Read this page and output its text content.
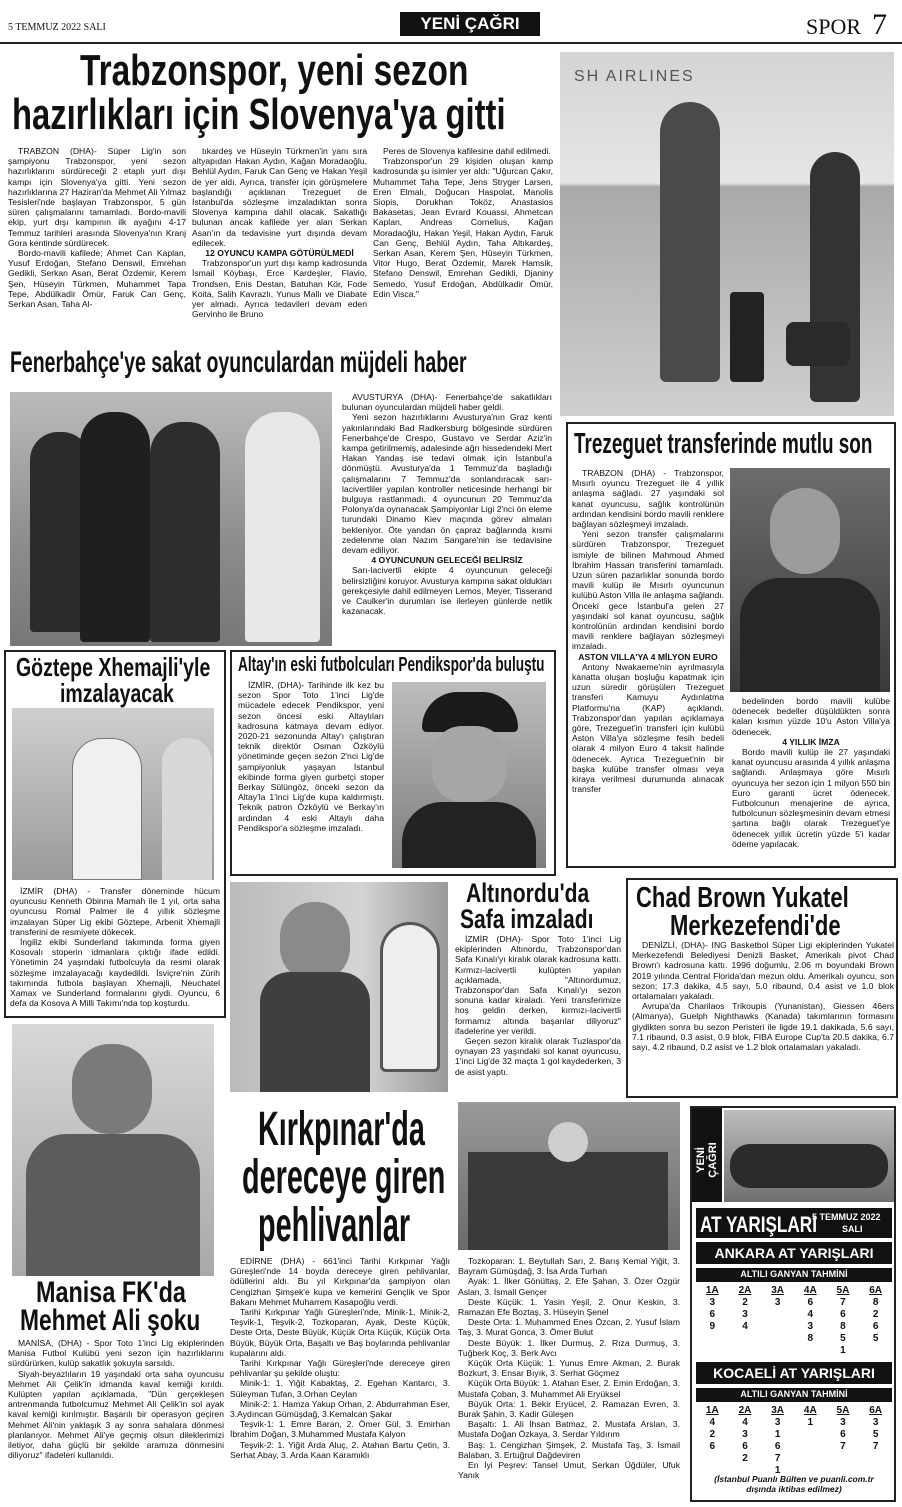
5 TEMMUZ 2022 SALI	YENİ ÇAĞRI	SPOR 7
Trabzonspor, yeni sezon
hazırlıkları için Slovenya'ya gitti

TRABZON (DHA)- Süper Lig'in son şampiyonu Trabzonspor, yeni sezon hazırlıklarını sürdüreceği 2 etaplı yurt dışı kampı için Slovenya'ya gitti. Yeni sezon hazırlıklarına 27 Haziran'da Mehmet Ali Yılmaz Tesisleri'nde başlayan Trabzonspor, 5 gün süren çalışmalarını tamamladı. Bordo-mavili ekip, yurt dışı kampının ilk ayağını 4-17 Temmuz tarihleri arasında Slovenya'nın Kranj Gora kentinde sürdürecek.

Bordo-mavili kafilede; Ahmet Can Kaplan, Yusuf Erdoğan, Stefano Denswil, Emrehan Gedikli, Serkan Asan, Berat Özdemir, Kerem Şen, Hüseyin Türkmen, Muhammet Tapa Tepe, Abdülkadir Ömür, Faruk Can Genç, Serkan Asan, Taha Al-

tıkardeş ve Hüseyin Türkmen'in yanı sıra altyapıdan Hakan Aydın, Kağan Moradaoğlu, Behlül Aydın, Faruk Can Genç ve Hakan Yeşil de yer aldı. Ayrıca, transfer için görüşmelere başlandığı açıklanan Trezeguet de İstanbul'da sözleşme imzaladıktan sonra Slovenya kampına dahil olacak. Sakatlığı bulunan ancak kafilede yer alan Serkan Asan'ın da tedavisine yurt dışında devam edilecek.

12 OYUNCU KAMPA GÖTÜRÜLMEDİ

Trabzonspor'un yurt dışı kamp kadrosunda İsmail Köybaşı, Erce Kardeşler, Flavio, Trondsen, Enis Destan, Batuhan Kör, Fode Koita, Salih Kavrazlı, Yunus Mallı ve Diabate yer almadı. Ayrıca tedavileri devam eden Gervinho ile Bruno

Peres de Slovenya kafilesine dahil edilmedi.

Trabzonspor'un 29 kişiden oluşan kamp kadrosunda şu isimler yer aldı: "Uğurcan Çakır, Muhammet Taha Tepe, Jens Stryger Larsen, Eren Elmalı, Doğucan Haspolat, Manolis Siopis, Dorukhan Toköz, Anastasios Bakasetas, Jean Evrard Kouassi, Ahmetcan Kaplan, Andreas Cornelius, Kağan Moradaoğlu, Hakan Yeşil, Hakan Aydın, Faruk Can Genç, Behlül Aydın, Taha Altıkardeş, Serkan Asan, Kerem Şen, Hüseyin Türkmen, Vitor Hugo, Berat Özdemir, Marek Hamsik, Stefano Denswil, Emrehan Gedikli, Djaniny Semedo, Yusuf Erdoğan, Abdülkadir Ömür, Edin Visca."

SH AIRLINES
Fenerbahçe'ye sakat oyunculardan müjdeli haber

AVUSTURYA (DHA)- Fenerbahçe'de sakatlıkları bulunan oyunculardan müjdeli haber geldi.

Yeni sezon hazırlıklarını Avusturya'nın Graz kenti yakınlarındaki Bad Radkersburg bölgesinde sürdüren Fenerbahçe'de Crespo, Gustavo ve Serdar Aziz'in kampa getirilmemiş, adalesinde ağrı hissedendeki Mert Hakan Yandaş ise tedavi olmak için İstanbul'a dönmüştü. Avusturya'da 1 Temmuz'da başladığı çalışmalarını 7 Temmuz'da sonlandıracak sarı-lacivertliler yapılan kontroller neticesinde herhangi bir bulguya rastlanmadı. 4 oyuncunun 20 Temmuz'da Polonya'da oynanacak Şampiyonlar Ligi 2'nci ön eleme turundaki Dinamo Kiev maçında görev almaları bekleniyor. Öte yandan ön çapraz bağlarında kısmi zedelenme olan Nazım Sangare'nin ise tedavisine devam ediliyor.

4 OYUNCUNUN GELECEĞİ BELİRSİZ

Sarı-lacivertli ekipte 4 oyuncunun geleceği belirsizliğini koruyor. Avusturya kampına sakat oldukları gerekçesiyle dahil edilmeyen Lemos, Meyer, Tisserand ve Caulker'in durumları ise ilerleyen günlerde netlik kazanacak.

Trezeguet transferinde mutlu son

TRABZON (DHA) - Trabzonspor, Mısırlı oyuncu Trezeguet ile 4 yıllık anlaşma sağladı. 27 yaşındaki sol kanat oyuncusu, sağlık kontrolünün ardından kendisini bordo mavili renklere bağlayan sözleşmeyi imzaladı.

Yeni sezon transfer çalışmalarını sürdüren Trabzonspor, Trezeguet ismiyle de bilinen Mahmoud Ahmed İbrahim Hassan transferini tamamladı. Uzun süren pazarlıklar sonunda bordo mavili kulüp ile Mısırlı oyuncunun kulübü Aston Villa ile anlaşma sağlandı. Önceki gece İstanbul'a gelen 27 yaşındaki sol kanat oyuncusu, sağlık kontrolünün ardından kendisini bordo mavili renklere bağlayan sözleşmeyi imzaladı.

ASTON VILLA'YA 4 MİLYON EURO

Antony Nwakaeme'nin ayrılmasıyla kanatta oluşan boşluğu kapatmak için uzun süredir görüşülen Trezeguet transferi Kamuyu Aydınlatma Platformu'na (KAP) açıklandı. Trabzonspor'dan yapılan açıklamaya göre, Trezeguet'in transferi için kulübü Aston Villa'ya sözleşme fesih bedeli olarak 4 milyon Euro 4 taksit halinde ödenecek. Ayrıca Trezeguet'nin bir başka kulübe transfer olması veya kiraya verilmesi durumunda alınacak transfer

bedelinden bordo mavili kulübe ödenecek bedeller düşüldükten sonra kalan kısmın yüzde 10'u Aston Villa'ya ödenecek.

4 YILLIK İMZA

Bordo mavili kulüp ile 27 yaşındaki kanat oyuncusu arasında 4 yıllık anlaşma sağlandı. Anlaşmaya göre Mısırlı oyuncuya her sezon için 1 milyon 550 bin Euro garanti ücret ödenecek. Futbolcunun menajerine de ayrıca, futbolcunun sözleşmesinin devam etmesi şartına bağlı olarak Trezeguet'ye ödenecek yıllık ücretin yüzde 5'i kadar ödeme yapılacak.

Göztepe Xhemajli'yle
imzalayacak

İZMİR (DHA) - Transfer döneminde hücum oyuncusu Kenneth Obinna Mamah ile 1 yıl, orta saha oyuncusu Romal Palmer ile 4 yıllık sözleşme imzalayan Süper Lig ekibi Göztepe, Arbenit Xhemajli transferini de resmiyete dökecek.

İngiliz ekibi Sunderland takımında forma giyen Kosovalı stoperin idmanlara çıktığı ifade edildi. Yönetimin 24 yaşındaki futbolcuyla da resmi olarak sözleşme imzalayacağı kaydedildi. İsviçre'nin Zürih takımında futbola başlayan Xhemajli, Neuchatel Xamax ve Sunderland formalarını giydi. Oyuncu, 6 defa da Kosova A Milli Takımı'nda top koşturdu.

Altay'ın eski futbolcuları Pendikspor'da buluştu

İZMİR, (DHA)- Tarihinde ilk kez bu sezon Spor Toto 1'inci Lig'de mücadele edecek Pendikspor, yeni sezon öncesi eski Altaylıları kadrosuna katmaya devam ediyor. 2020-21 sezonunda Altay'ı çalıştıran teknik direktör Osman Özköylü yönetiminde geçen sezon 2'nci Lig'de şampiyonluk yaşayan İstanbul ekibinde forma giyen gurbetçi stoper Berkay Sülüngöz, önceki sezon da Altay'la 1'inci Lig'de kupa kaldırmıştı. Teknik patron Özköylü ve Berkay'ın ardından 4 eski Altaylı daha Pendikspor'a sözleşme imzaladı.

Altınordu'da
Safa imzaladı

İZMİR (DHA)- Spor Toto 1'inci Lig ekiplerinden Altınordu, Trabzonspor'dan Safa Kınalı'yı kiralık olarak kadrosuna kattı. Kırmızı-lacivertli kulüpten yapılan açıklamada, "Altınordumuz, Trabzonspor'dan Safa Kınalı'yı sezon sonuna kadar kiraladı. Yeni transferimize hoş geldin derken, kırmızı-lacivertli formamız altında başarılar diliyoruz" ifadelerine yer verildi.

Geçen sezon kiralık olarak Tuzlaspor'da oynayan 23 yaşındaki sol kanat oyuncusu, 1'inci Lig'de 32 maçta 1 gol kaydederken, 3 de asist yaptı.

Chad Brown Yukatel
Merkezefendi'de

DENİZLİ, (DHA)- ING Basketbol Süper Ligi ekiplerinden Yukatel Merkezefendi Belediyesi Denizli Basket, Amerikalı pivot Chad Brown'ı kadrosuna kattı. 1996 doğumlu, 2.06 m boyundaki Brown 2019 yılında Central Florida'dan mezun oldu. Amerikalı oyuncu, son sezon; 17.3 dakika, 4.5 sayı, 5.0 ribaund, 0.4 asist ve 1.0 blok ortalamaları yakaladı.

Avrupa'da Charilaos Trikoupis (Yunanistan), Giessen 46ers (Almanya), Guelph Nighthawks (Kanada) takımlarının formasını giydikten sonra bu sezon Peristeri ile ligde 19.1 dakikada, 5.6 sayı, 7.1 ribaund, 0.3 asist, 0.9 blok, FIBA Europe Cup'ta 20.5 dakika, 6.7 sayı, 4.2 ribaund, 0.2 asist ve 1.2 blok ortalamaları yakaladı.

Manisa FK'da
Mehmet Ali şoku

MANİSA, (DHA) - Spor Toto 1'inci Lig ekiplerinden Manisa Futbol Kulübü yeni sezon için hazırlıklarını sürdürürken, kulüp sakatlık şokuyla sarsıldı.

Siyah-beyazlıların 19 yaşındaki orta saha oyuncusu Mehmet Ali Çelik'in idmanda kaval kemiği kırıldı. Kulüpten yapılan açıklamada, "Dün gerçekleşen antrenmanda futbolcumuz Mehmet Ali Çelik'in sol ayak kaval kemiği kırılmıştır. Başarılı bir operasyon geçiren Mehmet Ali'nin yaklaşık 3 ay sonra sahalara dönmesi planlanıyor. Mehmet Ali'ye geçmiş olsun dileklerimizi iletiyor, daha güçlü bir şekilde aramıza dönmesini diliyoruz" ifadeleri kullanıldı.

Kırkpınar'da
dereceye giren
pehlivanlar

EDİRNE (DHA) - 661'inci Tarihi Kırkpınar Yağlı Güreşleri'nde 14 boyda dereceye giren pehlivanlar, ödüllerini aldı. Bu yıl Kırkpınar'da şampiyon olan Cengizhan Şimşek'e kupa ve kemerini Gençlik ve Spor Bakanı Mehmet Muharrem Kasapoğlu verdi.

Tarihi Kırkpınar Yağlı Güreşleri'nde, Minik-1, Minik-2, Teşvik-1, Teşvik-2, Tozkoparan, Ayak, Deste Küçük, Deste Orta, Deste Büyük, Küçük Orta Küçük, Küçük Orta Büyük, Büyük Orta, Başaltı ve Baş boylarında pehlivanlar kupalarını aldı.

Tarihi Kırkpınar Yağlı Güreşleri'nde dereceye giren pehlivanlar şu şekilde oluştu:

Minik-1: 1. Yiğit Kabaktaş, 2. Egehan Kantarcı, 3. Süleyman Tufan, 3.Orhan Ceylan

Minik-2: 1. Hamza Yakup Orhan, 2. Abdurrahman Eser, 3.Aydıncan Gümüşdağ, 3.Kemalcan Şakar

Teşvik-1: 1. Emre Baran, 2. Ömer Gül, 3. Emirhan İbrahim Doğan, 3.Muhammed Mustafa Kalyon

Teşvik-2: 1. Yiğit Arda Aluç, 2. Atahan Bartu Çetin, 3. Serhat Abay, 3. Arda Kaan Karamıklı

Tozkoparan: 1. Beytullah Sarı, 2. Barış Kemal Yiğit, 3. Bayram Gümüşdağ, 3. İsa Arda Turhan

Ayak: 1. İlker Gönültaş, 2. Efe Şahan, 3. Özer Özgür Aslan, 3. İsmail Gençer

Deste Küçük: 1. Yasin Yeşil, 2. Onur Keskin, 3. Ramazan Efe Boztaş, 3. Hüseyin Şenel

Deste Orta: 1. Muhammed Enes Özcan, 2. Yusuf İslam Taş, 3. Murat Gonca, 3. Ömer Bulut

Deste Büyük: 1. İlker Durmuş, 2. Rıza Durmuş, 3. Tuğberk Koç, 3. Berk Avcı

Küçük Orta Küçük: 1. Yunus Emre Akman, 2. Burak Bozkurt, 3. Ensar Bıyık, 3. Serhat Göçmez

Küçük Orta Büyük: 1. Atahan Eser, 2. Emin Erdoğan, 3. Mustafa Çoban, 3. Muhammet Ali Eryüksel

Büyük Orta: 1. Bekir Eryücel, 2. Ramazan Evren, 3. Burak Şahin, 3. Kadir Güleşen

Başaltı: 1. Ali İhsan Batmaz, 2. Mustafa Arslan, 3. Mustafa Doğan Özkaya, 3. Serdar Yıldırım

Baş: 1. Cengizhan Şimşek, 2. Mustafa Taş, 3. İsmail Balaban, 3. Ertuğrul Dağdeviren

En İyi Peşrev: Tansel Umut, Serkan Üğdüler, Ufuk Yanık

YENİ ÇAĞRI
AT YARIŞLARI
5 TEMMUZ 2022
SALI
ANKARA AT YARIŞLARI
ALTILI GANYAN TAHMİNİ
1A	2A	3A	4A	5A	6A
3	2	3	6	7	8
6	3		4	6	2
9	4		3	8	6
			8	5	5
				1	
KOCAELİ AT YARIŞLARI
ALTILI GANYAN TAHMİNİ
1A	2A	3A	4A	5A	6A
4	4	3	1	3	3
2	3	1		6	5
6	6	6		7	7
	2	7			
		1			
(İstanbul Puanlı Bülten ve puanli.com.tr dışında iktibas edilmez)
